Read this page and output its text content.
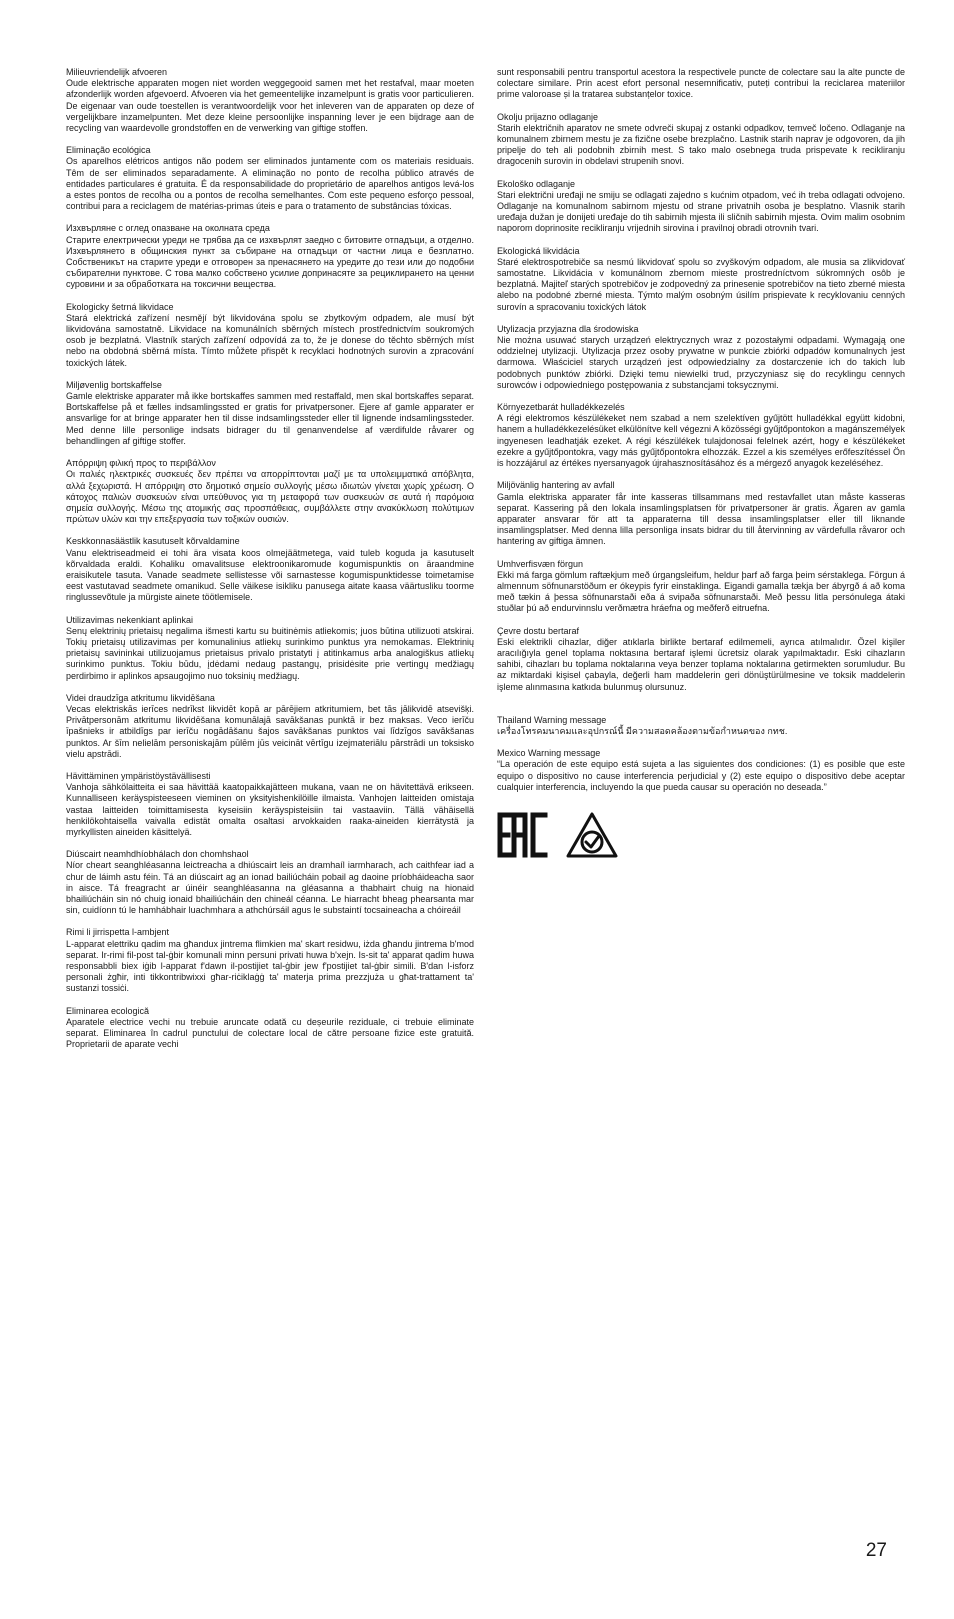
Milieuvriendelijk afvoeren

Oude elektrische apparaten mogen niet worden weggegooid samen met het restafval, maar moeten afzonderlijk worden afgevoerd. Afvoeren via het gemeentelijke inzamelpunt is gratis voor particulieren. De eigenaar van oude toestellen is verantwoordelijk voor het inleveren van de apparaten op deze of vergelijkbare inzamelpunten. Met deze kleine persoonlijke inspanning lever je een bijdrage aan de recycling van waardevolle grondstoffen en de verwerking van giftige stoffen.

Eliminação ecológica

Os aparelhos elétricos antigos não podem ser eliminados juntamente com os materiais residuais. Têm de ser eliminados separadamente. A eliminação no ponto de recolha público através de entidades particulares é gratuita. É da responsabilidade do proprietário de aparelhos antigos levá-los a estes pontos de recolha ou a pontos de recolha semelhantes. Com este pequeno esforço pessoal, contribui para a reciclagem de matérias-primas úteis e para o tratamento de substâncias tóxicas.

Изхвърляне с оглед опазване на околната среда

Старите електрически уреди не трябва да се изхвърлят заедно с битовите отпадъци, а отделно. Изхвърлянето в общинския пункт за събиране на отпадъци от частни лица е безплатно. Собственикът на старите уреди е отговорен за пренасянето на уредите до тези или до подобни събирателни пунктове. С това малко собствено усилие допринасяте за рециклирането на ценни суровини и за обработката на токсични вещества.

Ekologicky šetrná likvidace

Stará elektrická zařízení nesmějí být likvidována spolu se zbytkovým odpadem, ale musí být likvidována samostatně. Likvidace na komunálních sběrných místech prostřednictvím soukromých osob je bezplatná. Vlastník starých zařízení odpovídá za to, že je donese do těchto sběrných míst nebo na obdobná sběrná místa. Tímto můžete přispět k recyklaci hodnotných surovin a zpracování toxických látek.

Miljøvenlig bortskaffelse

Gamle elektriske apparater må ikke bortskaffes sammen med restaffald, men skal bortskaffes separat. Bortskaffelse på et fælles indsamlingssted er gratis for privatpersoner. Ejere af gamle apparater er ansvarlige for at bringe apparater hen til disse indsamlingssteder eller til lignende indsamlingssteder. Med denne lille personlige indsats bidrager du til genanvendelse af værdifulde råvarer og behandlingen af giftige stoffer.

Απόρριψη φιλική προς το περιβάλλον

Οι παλιές ηλεκτρικές συσκευές δεν πρέπει να απορρίπτονται μαζί με τα υπολειμματικά απόβλητα, αλλά ξεχωριστά. Η απόρριψη στο δημοτικό σημείο συλλογής μέσω ιδιωτών γίνεται χωρίς χρέωση. Ο κάτοχος παλιών συσκευών είναι υπεύθυνος για τη μεταφορά των συσκευών σε αυτά ή παρόμοια σημεία συλλογής. Μέσω της ατομικής σας προσπάθειας, συμβάλλετε στην ανακύκλωση πολύτιμων πρώτων υλών και την επεξεργασία των τοξικών ουσιών.

Keskkonnasäästlik kasutuselt kõrvaldamine

Vanu elektriseadmeid ei tohi ära visata koos olmejäätmetega, vaid tuleb koguda ja kasutuselt kõrvaldada eraldi. Kohaliku omavalitsuse elektroonikaromude kogumispunktis on äraandmine eraisikutele tasuta. Vanade seadmete sellistesse või sarnastesse kogumispunktidesse toimetamise eest vastutavad seadmete omanikud. Selle väikese isikliku panusega aitate kaasa väärtusliku toorme ringlussevõtule ja mürgiste ainete töötlemisele.

Utilizavimas nekenkiant aplinkai

Senų elektrinių prietaisų negalima išmesti kartu su buitinėmis atliekomis; juos būtina utilizuoti atskirai. Tokių prietaisų utilizavimas per komunalinius atliekų surinkimo punktus yra nemokamas. Elektrinių prietaisų savininkai utilizuojamus prietaisus privalo pristatyti į atitinkamus arba analogiškus atliekų surinkimo punktus. Tokiu būdu, įdėdami nedaug pastangų, prisidėsite prie vertingų medžiagų perdirbimo ir aplinkos apsaugojimo nuo toksinių medžiagų.

Videi draudzīga atkritumu likvidēšana

Vecas elektriskās ierīces nedrīkst likvidēt kopā ar pārējiem atkritumiem, bet tās jālikvidē atsevišķi. Privātpersonām atkritumu likvidēšana komunālajā savākšanas punktā ir bez maksas. Veco ierīču īpašnieks ir atbildīgs par ierīču nogādāšanu šajos savākšanas punktos vai līdzīgos savākšanas punktos. Ar šīm nelielām personiskajām pūlēm jūs veicināt vērtīgu izejmateriālu pārstrādi un toksisko vielu apstrādi.

Hävittäminen ympäristöystävällisesti

Vanhoja sähkölaitteita ei saa hävittää kaatopaikkajätteen mukana, vaan ne on hävitettävä erikseen. Kunnalliseen keräyspisteeseen vieminen on yksityishenkilöille ilmaista. Vanhojen laitteiden omistaja vastaa laitteiden toimittamisesta kyseisiin keräyspisteisiin tai vastaaviin. Tällä vähäisellä henkilökohtaisella vaivalla edistät omalta osaltasi arvokkaiden raaka-aineiden kierrätystä ja myrkyllisten aineiden käsittelyä.

Diúscairt neamhdhíobhálach don chomhshaol

Níor cheart seanghléasanna leictreacha a dhiúscairt leis an dramhaíl iarmharach, ach caithfear iad a chur de láimh astu féin. Tá an diúscairt ag an ionad bailiúcháin pobail ag daoine príobháideacha saor in aisce. Tá freagracht ar úinéir seanghléasanna na gléasanna a thabhairt chuig na hionaid bhailiúcháin sin nó chuig ionaid bhailiúcháin den chineál céanna. Le hiarracht bheag phearsanta mar sin, cuidíonn tú le hamhábhair luachmhara a athchúrsáil agus le substaintí tocsaineacha a chóireáil

Rimi li jirrispetta l-ambjent

L-apparat elettriku qadim ma għandux jintrema flimkien ma' skart residwu, iżda għandu jintrema b'mod separat. Ir-rimi fil-post tal-ġbir komunali minn persuni privati huwa b'xejn. Is-sit ta' apparat qadim huwa responsabbli biex iġib l-apparat f'dawn il-postijiet tal-ġbir jew f'postijiet tal-ġbir simili. B'dan l-isforz personali żgħir, inti tikkontribwixxi għar-riċiklaġġ ta' materja prima prezzjuża u għat-trattament ta' sustanzi tossiċi.

Eliminarea ecologică

Aparatele electrice vechi nu trebuie aruncate odată cu deșeurile reziduale, ci trebuie eliminate separat. Eliminarea în cadrul punctului de colectare local de către persoane fizice este gratuită. Proprietarii de aparate vechi

sunt responsabili pentru transportul acestora la respectivele puncte de colectare sau la alte puncte de colectare similare. Prin acest efort personal nesemnificativ, puteți contribui la reciclarea materiilor prime valoroase și la tratarea substanțelor toxice.

Okolju prijazno odlaganje

Starih električnih aparatov ne smete odvreči skupaj z ostanki odpadkov, temveč ločeno. Odlaganje na komunalnem zbirnem mestu je za fizične osebe brezplačno. Lastnik starih naprav je odgovoren, da jih pripelje do teh ali podobnih zbirnih mest. S tako malo osebnega truda prispevate k recikliranju dragocenih surovin in obdelavi strupenih snovi.

Ekološko odlaganje

Stari električni uređaji ne smiju se odlagati zajedno s kućnim otpadom, već ih treba odlagati odvojeno. Odlaganje na komunalnom sabirnom mjestu od strane privatnih osoba je besplatno. Vlasnik starih uređaja dužan je donijeti uređaje do tih sabirnih mjesta ili sličnih sabirnih mjesta. Ovim malim osobnim naporom doprinosite recikliranju vrijednih sirovina i pravilnoj obradi otrovnih tvari.

Ekologická likvidácia

Staré elektrospotrebiče sa nesmú likvidovať spolu so zvyškovým odpadom, ale musia sa zlikvidovať samostatne. Likvidácia v komunálnom zbernom mieste prostredníctvom súkromných osôb je bezplatná. Majiteľ starých spotrebičov je zodpovedný za prinesenie spotrebičov na tieto zberné miesta alebo na podobné zberné miesta. Týmto malým osobným úsilím prispievate k recyklovaniu cenných surovín a spracovaniu toxických látok

Utylizacja przyjazna dla środowiska

Nie można usuwać starych urządzeń elektrycznych wraz z pozostałymi odpadami. Wymagają one oddzielnej utylizacji. Utylizacja przez osoby prywatne w punkcie zbiórki odpadów komunalnych jest darmowa. Właściciel starych urządzeń jest odpowiedzialny za dostarczenie ich do takich lub podobnych punktów zbiórki. Dzięki temu niewielki trud, przyczyniasz się do recyklingu cennych surowców i odpowiedniego postępowania z substancjami toksycznymi.

Környezetbarát hulladékkezelés

A régi elektromos készülékeket nem szabad a nem szelektíven gyűjtött hulladékkal együtt kidobni, hanem a hulladékkezelésüket elkülönítve kell végezni A közösségi gyűjtőpontokon a magánszemélyek ingyenesen leadhatják ezeket. A régi készülékek tulajdonosai felelnek azért, hogy e készülékeket ezekre a gyűjtőpontokra, vagy más gyűjtőpontokra elhozzák. Ezzel a kis személyes erőfeszítéssel Ön is hozzájárul az értékes nyersanyagok újrahasznosításához és a mérgező anyagok kezeléséhez.

Miljövänlig hantering av avfall

Gamla elektriska apparater får inte kasseras tillsammans med restavfallet utan måste kasseras separat. Kassering på den lokala insamlingsplatsen för privatpersoner är gratis. Ägaren av gamla apparater ansvarar för att ta apparaterna till dessa insamlingsplatser eller till liknande insamlingsplatser. Med denna lilla personliga insats bidrar du till återvinning av värdefulla råvaror och hantering av giftiga ämnen.

Umhverfisvæn förgun

Ekki má farga gömlum raftækjum með úrgangsleifum, heldur þarf að farga þeim sérstaklega. Förgun á almennum söfnunarstöðum er ókeypis fyrir einstaklinga. Eigandi gamalla tækja ber ábyrgð á að koma með tækin á þessa söfnunarstaði eða á svipaða söfnunarstaði. Með þessu litla persónulega átaki stuðlar þú að endurvinnslu verðmætra hráefna og meðferð eitruefna.

Çevre dostu bertaraf

Eski elektrikli cihazlar, diğer atıklarla birlikte bertaraf edilmemeli, ayrıca atılmalıdır. Özel kişiler aracılığıyla genel toplama noktasına bertaraf işlemi ücretsiz olarak yapılmaktadır. Eski cihazların sahibi, cihazları bu toplama noktalarına veya benzer toplama noktalarına getirmekten sorumludur. Bu az miktardaki kişisel çabayla, değerli ham maddelerin geri dönüştürülmesine ve toksik maddelerin işleme alınmasına katkıda bulunmuş olursunuz.

Thailand Warning message

เครื่องโทรคมนาคมและอุปกรณ์นี้ มีความสอดคล้องตามข้อกำหนดของ กทช.

Mexico Warning message

“La operación de este equipo está sujeta a las siguientes dos condiciones: (1) es posible que este equipo o dispositivo no cause interferencia perjudicial y (2) este equipo o dispositivo debe aceptar cualquier interferencia, incluyendo la que pueda causar su operación no deseada.”

27
